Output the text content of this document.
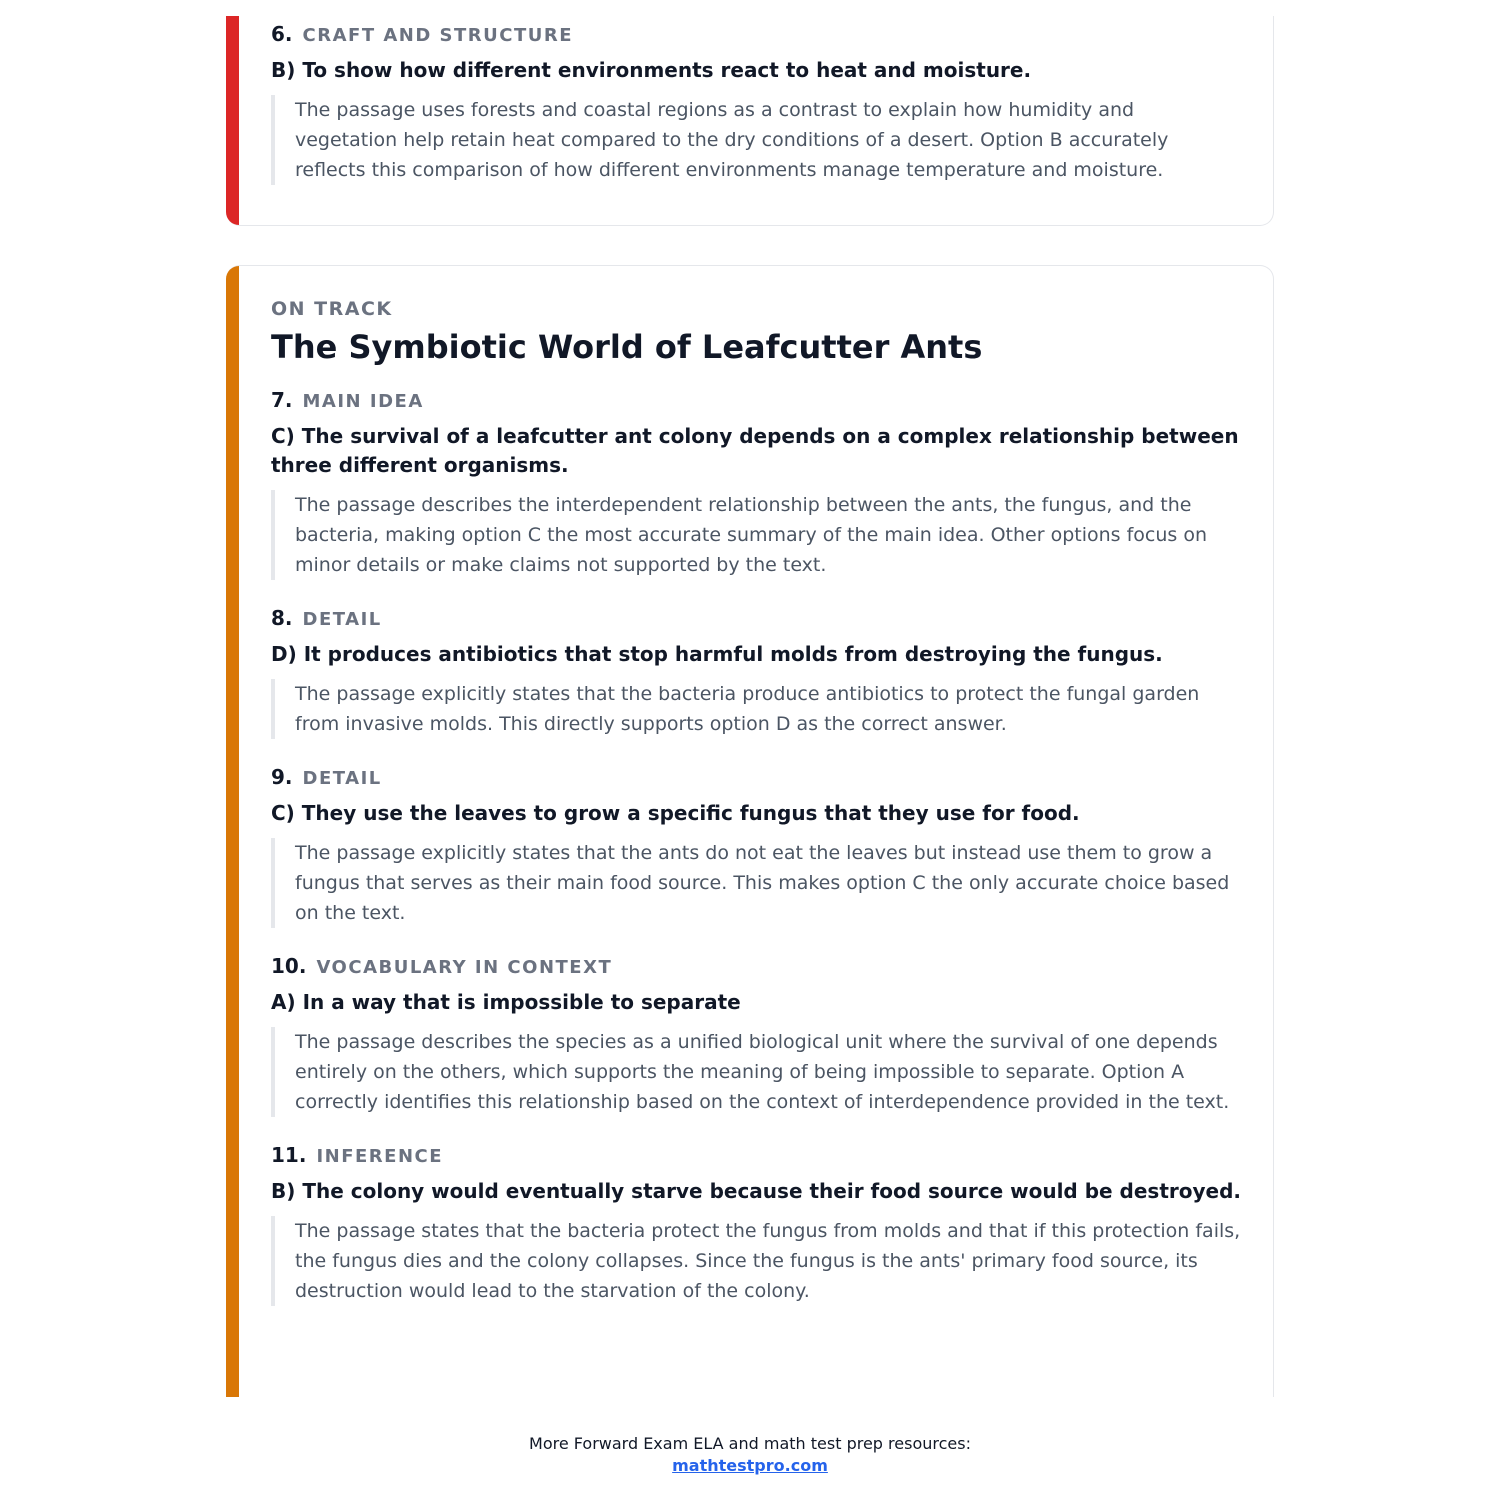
6. CRAFT AND STRUCTURE

B) To show how different environments react to heat and moisture.

The passage uses forests and coastal regions as a contrast to explain how humidity and vegetation help retain heat compared to the dry conditions of a desert. Option B accurately reflects this comparison of how different environments manage temperature and moisture.

ON TRACK
The Symbiotic World of Leafcutter Ants
7. MAIN IDEA

C) The survival of a leafcutter ant colony depends on a complex relationship between three different organisms.

The passage describes the interdependent relationship between the ants, the fungus, and the bacteria, making option C the most accurate summary of the main idea. Other options focus on minor details or make claims not supported by the text.

8. DETAIL

D) It produces antibiotics that stop harmful molds from destroying the fungus.

The passage explicitly states that the bacteria produce antibiotics to protect the fungal garden from invasive molds. This directly supports option D as the correct answer.

9. DETAIL

C) They use the leaves to grow a specific fungus that they use for food.

The passage explicitly states that the ants do not eat the leaves but instead use them to grow a fungus that serves as their main food source. This makes option C the only accurate choice based on the text.

10. VOCABULARY IN CONTEXT

A) In a way that is impossible to separate

The passage describes the species as a unified biological unit where the survival of one depends entirely on the others, which supports the meaning of being impossible to separate. Option A correctly identifies this relationship based on the context of interdependence provided in the text.

11. INFERENCE

B) The colony would eventually starve because their food source would be destroyed.

The passage states that the bacteria protect the fungus from molds and that if this protection fails, the fungus dies and the colony collapses. Since the fungus is the ants' primary food source, its destruction would lead to the starvation of the colony.

More Forward Exam ELA and math test prep resources:
mathtestpro.com
